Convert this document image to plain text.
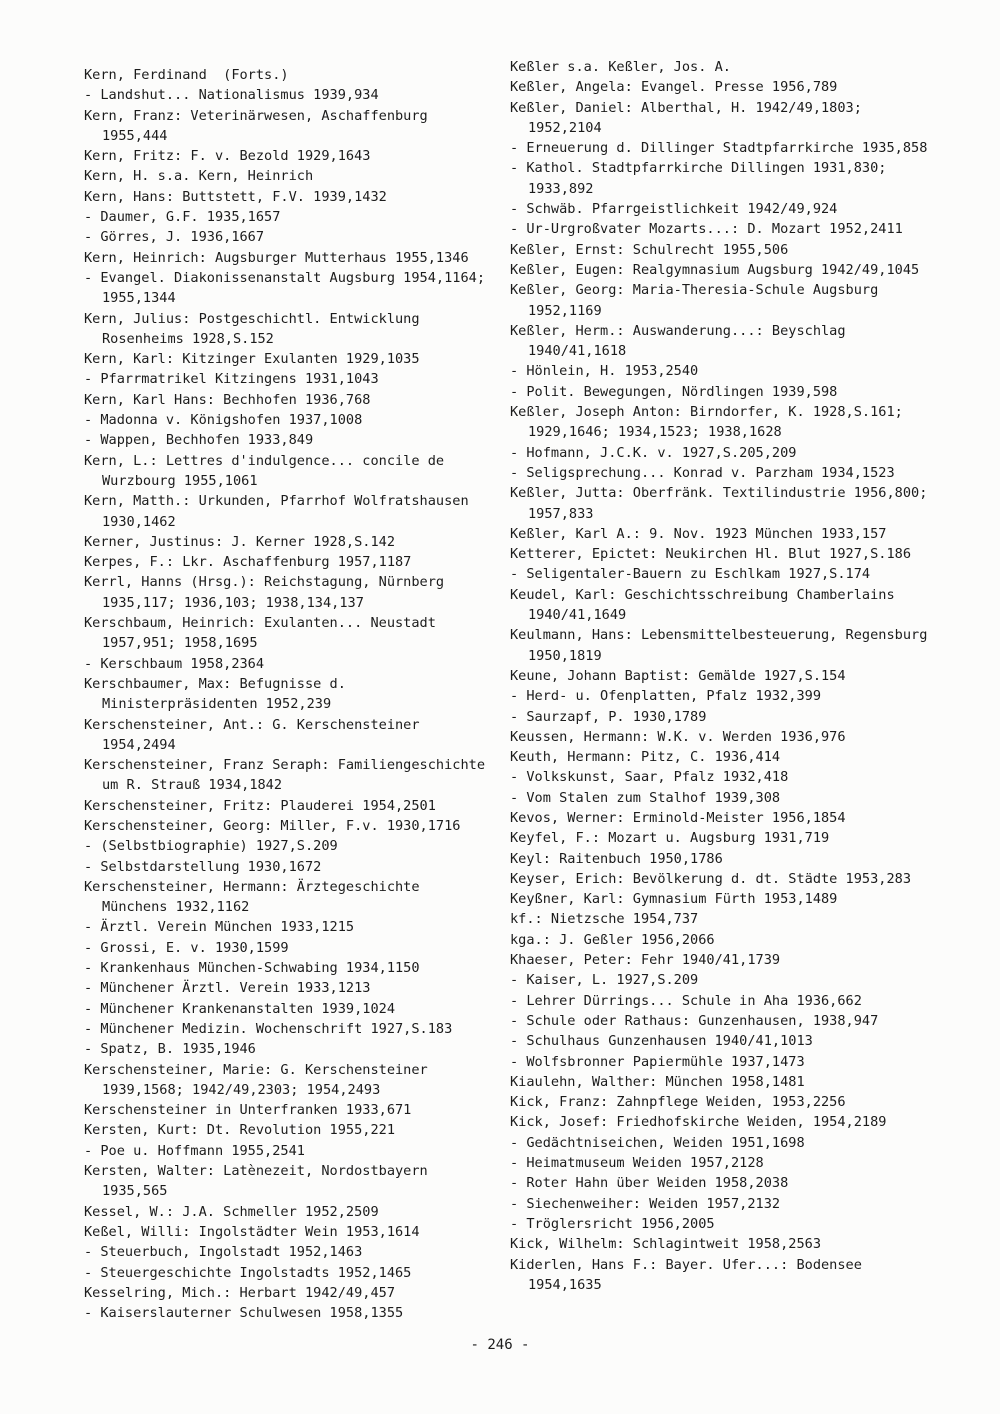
Kern, Ferdinand  (Forts.)
- Landshut... Nationalismus 1939,934
Kern, Franz: Veterinärwesen, Aschaffenburg 1955,444
Kern, Fritz: F. v. Bezold 1929,1643
Kern, H. s.a. Kern, Heinrich
Kern, Hans: Buttstett, F.V. 1939,1432
- Daumer, G.F. 1935,1657
- Görres, J. 1936,1667
Kern, Heinrich: Augsburger Mutterhaus 1955,1346
- Evangel. Diakonissenanstalt Augsburg 1954,1164; 1955,1344
Kern, Julius: Postgeschichtl. Entwicklung Rosenheims 1928,S.152
Kern, Karl: Kitzinger Exulanten 1929,1035
- Pfarrmatrikel Kitzingens 1931,1043
Kern, Karl Hans: Bechhofen 1936,768
- Madonna v. Königshofen 1937,1008
- Wappen, Bechhofen 1933,849
Kern, L.: Lettres d'indulgence... concile de Wurzbourg 1955,1061
Kern, Matth.: Urkunden, Pfarrhof Wolfratshausen 1930,1462
Kerner, Justinus: J. Kerner 1928,S.142
Kerpes, F.: Lkr. Aschaffenburg 1957,1187
Kerrl, Hanns (Hrsg.): Reichstagung, Nürnberg 1935,117; 1936,103; 1938,134,137
Kerschbaum, Heinrich: Exulanten... Neustadt 1957,951; 1958,1695
- Kerschbaum 1958,2364
Kerschbaumer, Max: Befugnisse d. Ministerpräsidenten 1952,239
Kerschensteiner, Ant.: G. Kerschensteiner 1954,2494
Kerschensteiner, Franz Seraph: Familiengeschichte um R. Strauß 1934,1842
Kerschensteiner, Fritz: Plauderei 1954,2501
Kerschensteiner, Georg: Miller, F.v. 1930,1716
- (Selbstbiographie) 1927,S.209
- Selbstdarstellung 1930,1672
Kerschensteiner, Hermann: Ärztegeschichte Münchens 1932,1162
- Ärztl. Verein München 1933,1215
- Grossi, E. v. 1930,1599
- Krankenhaus München-Schwabing 1934,1150
- Münchener Ärztl. Verein 1933,1213
- Münchener Krankenanstalten 1939,1024
- Münchener Medizin. Wochenschrift 1927,S.183
- Spatz, B. 1935,1946
Kerschensteiner, Marie: G. Kerschensteiner 1939,1568; 1942/49,2303; 1954,2493
Kerschensteiner in Unterfranken 1933,671
Kersten, Kurt: Dt. Revolution 1955,221
- Poe u. Hoffmann 1955,2541
Kersten, Walter: Latènezeit, Nordostbayern 1935,565
Kessel, W.: J.A. Schmeller 1952,2509
Keßel, Willi: Ingolstädter Wein 1953,1614
- Steuerbuch, Ingolstadt 1952,1463
- Steuergeschichte Ingolstadts 1952,1465
Kesselring, Mich.: Herbart 1942/49,457
- Kaiserslauterner Schulwesen 1958,1355
Keßler s.a. Keßler, Jos. A.
Keßler, Angela: Evangel. Presse 1956,789
Keßler, Daniel: Alberthal, H. 1942/49,1803; 1952,2104
- Erneuerung d. Dillinger Stadtpfarrkirche 1935,858
- Kathol. Stadtpfarrkirche Dillingen 1931,830; 1933,892
- Schwäb. Pfarrgeistlichkeit 1942/49,924
- Ur-Urgroßvater Mozarts...: D. Mozart 1952,2411
Keßler, Ernst: Schulrecht 1955,506
Keßler, Eugen: Realgymnasium Augsburg 1942/49,1045
Keßler, Georg: Maria-Theresia-Schule Augsburg 1952,1169
Keßler, Herm.: Auswanderung...: Beyschlag 1940/41,1618
- Hönlein, H. 1953,2540
- Polit. Bewegungen, Nördlingen 1939,598
Keßler, Joseph Anton: Birndorfer, K. 1928,S.161; 1929,1646; 1934,1523; 1938,1628
- Hofmann, J.C.K. v. 1927,S.205,209
- Seligsprechung... Konrad v. Parzham 1934,1523
Keßler, Jutta: Oberfränk. Textilindustrie 1956,800; 1957,833
Keßler, Karl A.: 9. Nov. 1923 München 1933,157
Ketterer, Epictet: Neukirchen Hl. Blut 1927,S.186
- Seligentaler-Bauern zu Eschlkam 1927,S.174
Keudel, Karl: Geschichtsschreibung Chamberlains 1940/41,1649
Keulmann, Hans: Lebensmittelbesteuerung, Regensburg 1950,1819
Keune, Johann Baptist: Gemälde 1927,S.154
- Herd- u. Ofenplatten, Pfalz 1932,399
- Saurzapf, P. 1930,1789
Keussen, Hermann: W.K. v. Werden 1936,976
Keuth, Hermann: Pitz, C. 1936,414
- Volkskunst, Saar, Pfalz 1932,418
- Vom Stalen zum Stalhof 1939,308
Kevos, Werner: Erminold-Meister 1956,1854
Keyfel, F.: Mozart u. Augsburg 1931,719
Keyl: Raitenbuch 1950,1786
Keyser, Erich: Bevölkerung d. dt. Städte 1953,283
Keyßner, Karl: Gymnasium Fürth 1953,1489
kf.: Nietzsche 1954,737
kga.: J. Geßler 1956,2066
Khaeser, Peter: Fehr 1940/41,1739
- Kaiser, L. 1927,S.209
- Lehrer Dürrings... Schule in Aha 1936,662
- Schule oder Rathaus: Gunzenhausen, 1938,947
- Schulhaus Gunzenhausen 1940/41,1013
- Wolfsbronner Papiermühle 1937,1473
Kiaulehn, Walther: München 1958,1481
Kick, Franz: Zahnpflege Weiden, 1953,2256
Kick, Josef: Friedhofskirche Weiden, 1954,2189
- Gedächtniseichen, Weiden 1951,1698
- Heimatmuseum Weiden 1957,2128
- Roter Hahn über Weiden 1958,2038
- Siechenweiher: Weiden 1957,2132
- Tröglersricht 1956,2005
Kick, Wilhelm: Schlagintweit 1958,2563
Kiderlen, Hans F.: Bayer. Ufer...: Bodensee 1954,1635
- 246 -
